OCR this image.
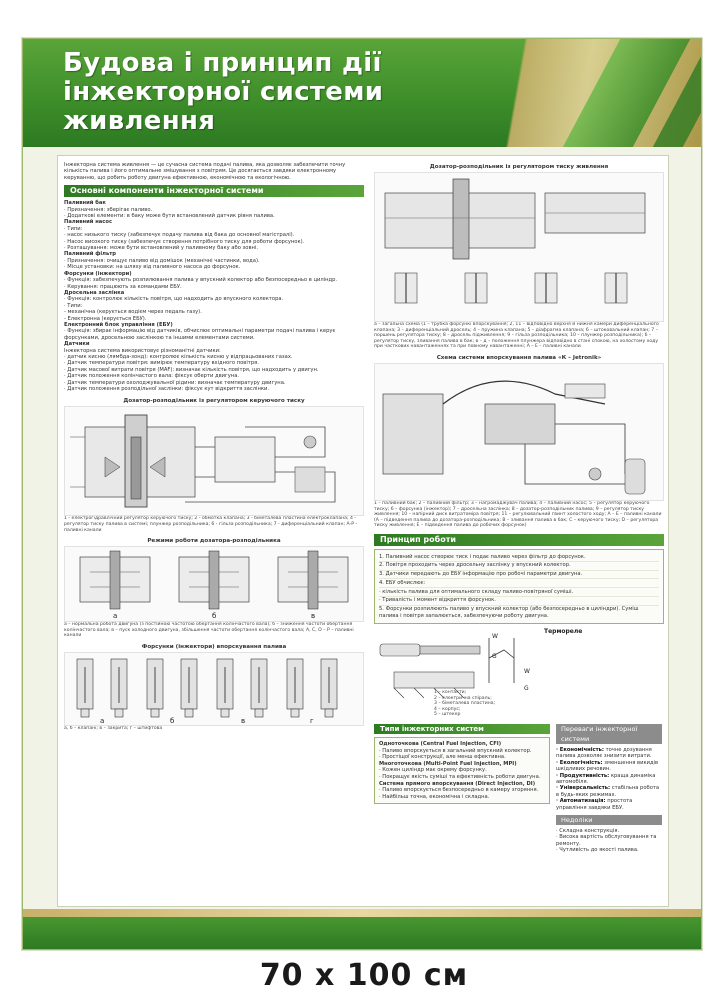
Будова і принцип дії інжекторної системи живлення
Інжекторна система живлення — це сучасна система подачі палива, яка дозволяє забезпечити точну кількість палива і його оптимальне змішування з повітрям. Це досягається завдяки електронному керуванню, що робить роботу двигуна ефективною, економічною та екологічною.
Основні компоненти інжекторної системи
Паливний бак
· Призначення: зберігає паливо.
· Додаткові елементи: в баку може бути встановлений датчик рівня палива.
Паливний насос
· Типи:
· насос низького тиску (забезпечує подачу палива від бака до основної магістралі).
· Насос високого тиску (забезпечує створення потрібного тиску для роботи форсунок).
· Розташування: може бути встановлений у паливному баку або зовні.
Паливний фільтр
· Призначення: очищує паливо від домішок (механічні частинки, вода).
· Місце установки: на шляху від паливного насоса до форсунок.
Форсунки (інжектори)
· Функція: забезпечують розпилювання палива у впускний колектор або безпосередньо в циліндр.
· Керування: працюють за командами ЕБУ.
Дросельна заслінка
· Функція: контролює кількість повітря, що надходить до впускного колектора.
· Типи:
- механічна (керується водієм через педаль газу).
- Електронна (керується ЕБУ).
Електронний блок управління (ЕБУ)
· Функція: збирає інформацію від датчиків, обчислює оптимальні параметри подачі палива і керує форсунками, дросельною заслінкою та іншими елементами системи.
Датчики
Інжекторна система використовує різноманітні датчики:
· датчик кисню (лямбда-зонд): контролює кількість кисню у відпрацьованих газах.
· Датчик температури повітря: вимірює температуру вхідного повітря.
· Датчик масової витрати повітря (MAF): визначає кількість повітря, що надходить у двигун.
· Датчик положення колінчастого вала: фіксує оберти двигуна.
· Датчик температури охолоджувальної рідини: визначає температуру двигуна.
· Датчик положення розподільної заслінки: фіксує кут відкриття заслінки.
Дозатор-розподільник із регулятором керуючого тиску
1 - електрогідравлічний регулятор керуючого тиску; 2 - обмотка клапана; 3 - біметалева пластина електроклапана; 4 - регулятор тиску палива в системі; плунжер розподільника; 6 - гільза розподільника; 7 - диференціальний клапан; А-Р - паливні канали
Режими роботи дозатора-розподільника
а	б	в
а – нормальна робота двигуна (з постійною частотою обертання колінчастого вала); б – зниження частоти обертання колінчастого вала; в – пуск холодного двигуна, збільшення частоти обертання колінчастого вала; А, С, О – Р – паливні канали
Форсунки (інжектори) впорскування палива
а	б	в	г
а, б – клапані; в – закрита; г – штифтова
Дозатор-розподільник із регулятором тиску живлення
а – загальна схема (1 – трубка форсункі впорскування; 2, 11 – відповідно верхня й нижня камери диференціального клапана; 3 – диференціальний дросель; 4 – пружина клапана; 5 – діафрагма клапана; 6 – штоковальний клапан; 7 – поршень регулятора тиску; 8 – дросель підживлення; 9 – гільза розподільника; 10 – плунжер розподільника); б – регулятор тиску, зливання палива в бак; в – д – положення плунжера відповідно в стані спокою, на холостому ходу при часткових навантаженнях та при повному навантаженні; А – Е – паливні канали
Схема системи впорскування палива «К – Jetronik»
1 – паливний бак; 2 – паливний фільтр; 3 – нагромаджувач палива; 4 – паливний насос; 5 – регулятор керуючого тиску; 6 – форсунка (інжектор); 7 – дросельна заслінка; 8 – дозатор-розподільник палива; 9 – регулятор тиску живлення; 10 – напірний диск витратоміра повітря; 11 – регулювальний гвинт холостого ходу; А – Е – паливні канали (А – підведення палива до дозатора-розподільника; В – зливання палива в бак; С – керуючого тиску; D – регулятора тиску живлення; Е – підведення палива до робочих форсунок)
Принцип роботи
1. Паливний насос створює тиск і подає паливо через фільтр до форсунок.
2. Повітря проходить через дросельну заслінку у впускний колектор.
3. Датчики передають до ЕБУ інформацію про робочі параметри двигуна.
4. ЕБУ обчислює:
· кількість палива для оптимального складу паливо-повітряної суміші.
· Тривалість і момент відкриття форсунок.
5. Форсунки розпилюють паливо у впускний колектор (або безпосередньо в циліндри). Суміш палива і повітря запалюється, забезпечуючи роботу двигуна.
W
G
W
G
Термореле
1 – контакти;
2 – електрична спіраль;
3 – біметалева пластина;
4 – корпус;
5 – штекер
Типи інжекторних систем
Одноточкова (Central Fuel Injection, CFI)
· Паливо впорскується в загальний впускний колектор.
· Простіщої конструкції, але менш ефективна.
Многоточкова (Multi-Point Fuel Injection, MPI)
· Кожен циліндр має окрему форсунку.
· Покращує якість суміші та ефективність роботи двигуна.
Система прямого впорскування (Direct Injection, DI)
· Паливо впорскується безпосередньо в камеру згоряння.
· Найбільш точна, економічна і складна.
Переваги інжекторної системи
· Економічність: точне дозування палива дозволяє знизити витрати.
· Екологічність: зменшення викидів шкідливих речовин.
· Продуктивність: краща динаміка автомобіля.
· Універсальність: стабільна робота в будь-яких режимах.
· Автоматизація: простота управління завдяки ЕБУ.
Недоліки
· Складна конструкція.
· Висока вартість обслуговування та ремонту.
· Чутливість до якості палива.
70 x 100 см
